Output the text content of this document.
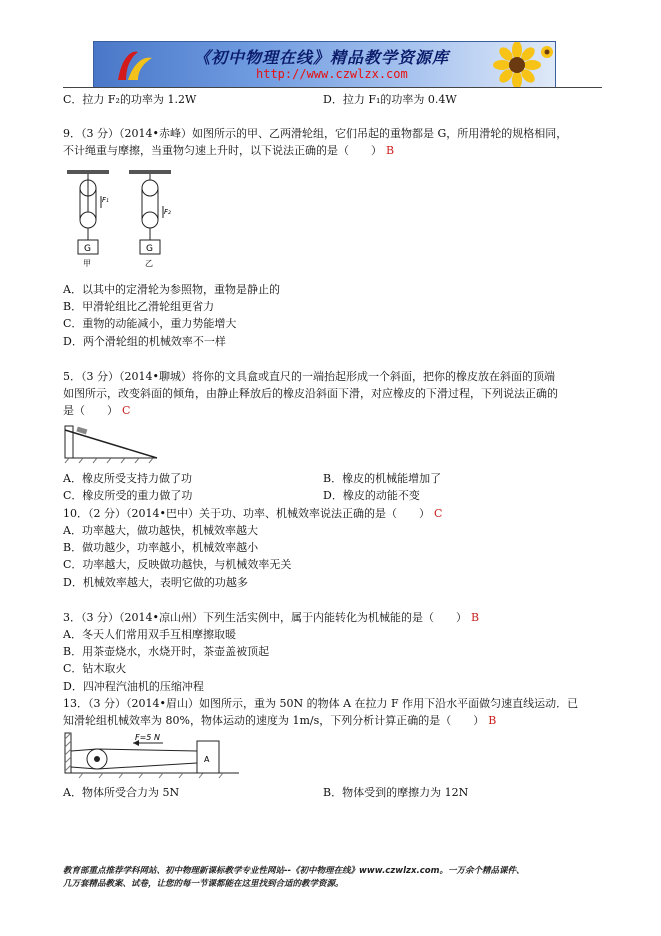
《初中物理在线》精品教学资源库
http://www.czwlzx.com
C．拉力 F₂的功率为 1.2W	D．拉力 F₁的功率为 0.4W
9．（3 分）（2014•赤峰）如图所示的甲、乙两滑轮组，它们吊起的重物都是 G，所用滑轮的规格相同，
不计绳重与摩擦，当重物匀速上升时，以下说法正确的是（　　） B
G
F₁
甲
G
F₂
乙
A．以其中的定滑轮为参照物，重物是静止的
B．甲滑轮组比乙滑轮组更省力
C．重物的动能减小，重力势能增大
D．两个滑轮组的机械效率不一样
5．（3 分）（2014•聊城）将你的文具盒或直尺的一端抬起形成一个斜面，把你的橡皮放在斜面的顶端
如图所示，改变斜面的倾角，由静止释放后的橡皮沿斜面下滑，对应橡皮的下滑过程，下列说法正确的
是（　　） C
A．橡皮所受支持力做了功	B．橡皮的机械能增加了
C．橡皮所受的重力做了功	D．橡皮的动能不变
10．（2 分）（2014•巴中）关于功、功率、机械效率说法正确的是（　　） C
A．功率越大，做功越快，机械效率越大
B．做功越少，功率越小，机械效率越小
C．功率越大，反映做功越快，与机械效率无关
D．机械效率越大，表明它做的功越多
3．（3 分）（2014•凉山州）下列生活实例中，属于内能转化为机械能的是（　　） B
A．冬天人们常用双手互相摩擦取暖
B．用茶壶烧水，水烧开时，茶壶盖被顶起
C．钻木取火
D．四冲程汽油机的压缩冲程
13．（3 分）（2014•眉山）如图所示，重为 50N 的物体 A 在拉力 F 作用下沿水平面做匀速直线运动．已
知滑轮组机械效率为 80%，物体运动的速度为 1m/s，下列分析计算正确的是（　　） B
F=5 N
A
A．物体所受合力为 5N	B．物体受到的摩擦力为 12N
教育部重点推荐学科网站、初中物理新课标教学专业性网站--《初中物理在线》www.czwlzx.com。一万余个精品课件、
几万套精品教案、试卷，让您的每一节课都能在这里找到合适的教学资源。
